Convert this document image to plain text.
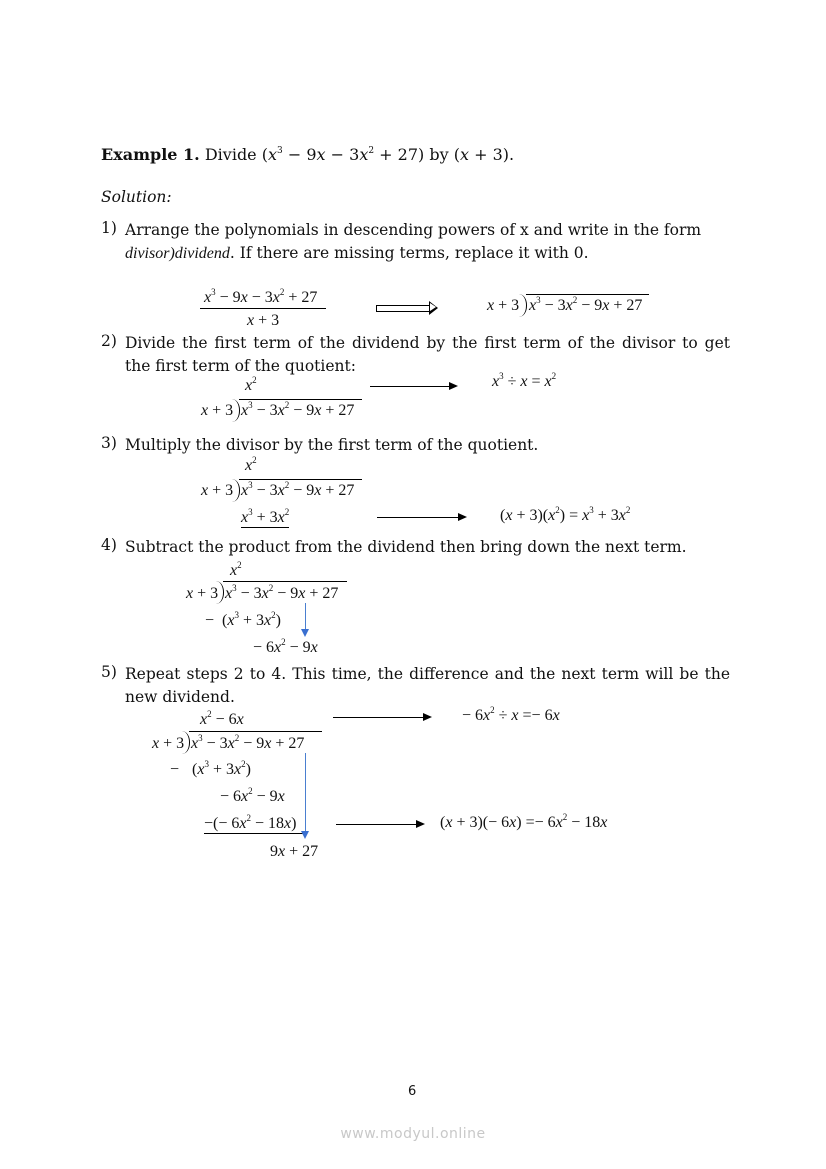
Example 1. Divide $(x^3 - 9x - 3x^2 + 27)$ by (x + 3).
Solution:
1) Arrange the polynomials in descending powers of x and write in the form
divisor)dividend. If there are missing terms, replace it with 0.
$x^3 - 9x - 3x^2 + 27$
x + 3
x + 3 $x^3 - 3x^2 - 9x + 27$
2) Divide the first term of the dividend by the first term of the divisor to get the first term of the quotient:
$x^2$
x + 3 $x^3 - 3x^2 - 9x + 27$
$x^3 \div x = x^2$
3) Multiply the divisor by the first term of the quotient.
$x^2$
x + 3 $x^3 - 3x^2 - 9x + 27$
$x^3 + 3x^2$	$(x + 3)(x^2) = x^3 + 3x^2$
4) Subtract the product from the dividend then bring down the next term.
$x^2$
x + 3 $x^3 - 3x^2 - 9x + 27$
− $(x^3 + 3x^2)$
− $6x^2 - 9x$
5) Repeat steps 2 to 4. This time, the difference and the next term will be the new dividend.
$x^2 - 6x$
x + 3 $x^3 - 3x^2 - 9x + 27$
− $(x^3 + 3x^2)$
− $6x^2 - 9x$
−(− $6x^2 - 18x$)
9x + 27
− $6x^2 \div x =- 6x$
$(x + 3)(- 6x) =- 6x^2 - 18x$
6
www.modyul.online
